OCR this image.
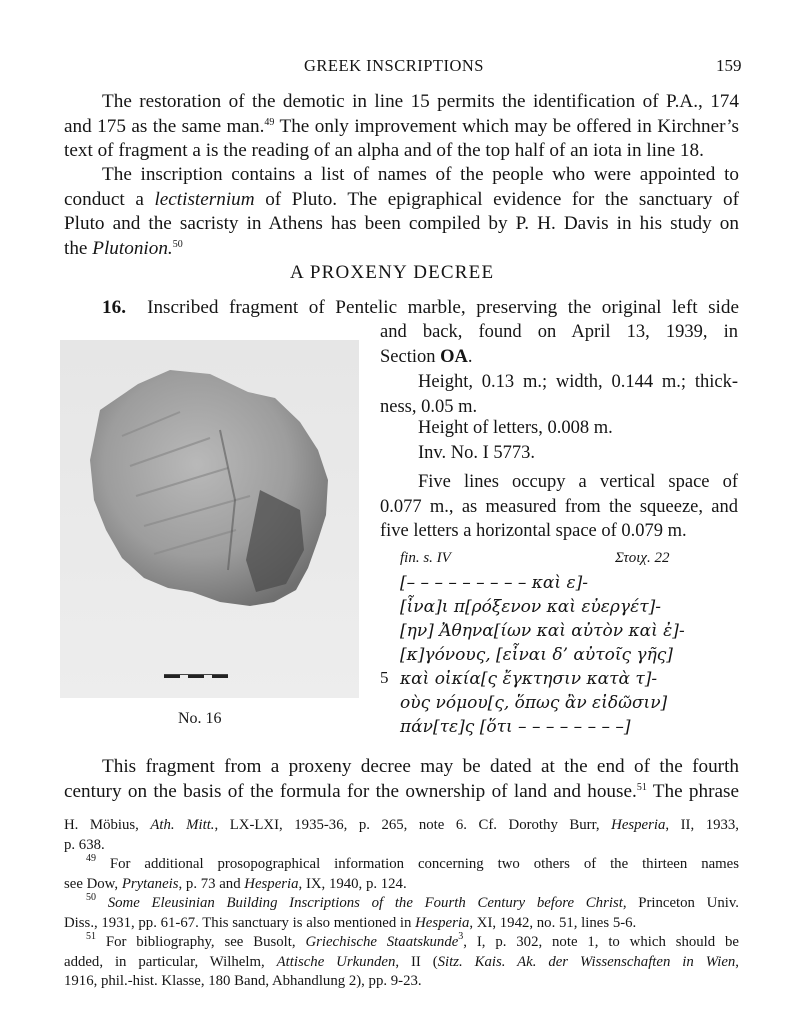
GREEK INSCRIPTIONS	159
The restoration of the demotic in line 15 permits the identification of P.A., 174
and 175 as the same man.$^{49}$ The only improvement which may be offered in Kirchner’s
text of fragment a is the reading of an alpha and of the top half of an iota in line 18.
The inscription contains a list of names of the people who were appointed to
conduct a lectisternium of Pluto. The epigraphical evidence for the sanctuary of
Pluto and the sacristy in Athens has been compiled by P. H. Davis in his study on
the Plutonion.$^{50}$
A PROXENY DECREE
16. Inscribed fragment of Pentelic marble, preserving the original left side
No. 16
and back, found on April 13, 1939, in
Section OA.
Height, 0.13 m.; width, 0.144 m.; thick-
ness, 0.05 m.
Height of letters, 0.008 m.
Inv. No. I 5773.
Five lines occupy a vertical space of
0.077 m., as measured from the squeeze, and
five letters a horizontal space of 0.079 m.
fin. s. IV	Στοιχ. 22
[– – – – – – – – – καὶ ε]-
[ἶνα]ι π[ρόξενον καὶ εὐεργέτ]-
[ην] Ἀθηνα[ίων καὶ αὐτὸν καὶ ἐ]-
[κ]γόνους, [εἶναι δ’ αὐτοῖς γῆς]
5 καὶ οἰκία[ς ἔγκτησιν κατὰ τ]-
οὺς νόμου[ς, ὅπως ἂν εἰδῶσιν]
πάν[τε]ς [ὅτι – – – – – – – –]
This fragment from a proxeny decree may be dated at the end of the fourth
century on the basis of the formula for the ownership of land and house.$^{51}$ The phrase
H. Möbius, Ath. Mitt., LX-LXI, 1935-36, p. 265, note 6. Cf. Dorothy Burr, Hesperia, II, 1933,
p. 638.
$^{49}$ For additional prosopographical information concerning two others of the thirteen names
see Dow, Prytaneis, p. 73 and Hesperia, IX, 1940, p. 124.
$^{50}$ Some Eleusinian Building Inscriptions of the Fourth Century before Christ, Princeton Univ.
Diss., 1931, pp. 61-67. This sanctuary is also mentioned in Hesperia, XI, 1942, no. 51, lines 5-6.
$^{51}$ For bibliography, see Busolt, Griechische Staatskunde$^3$, I, p. 302, note 1, to which should be
added, in particular, Wilhelm, Attische Urkunden, II (Sitz. Kais. Ak. der Wissenschaften in Wien,
1916, phil.-hist. Klasse, 180 Band, Abhandlung 2), pp. 9-23.
